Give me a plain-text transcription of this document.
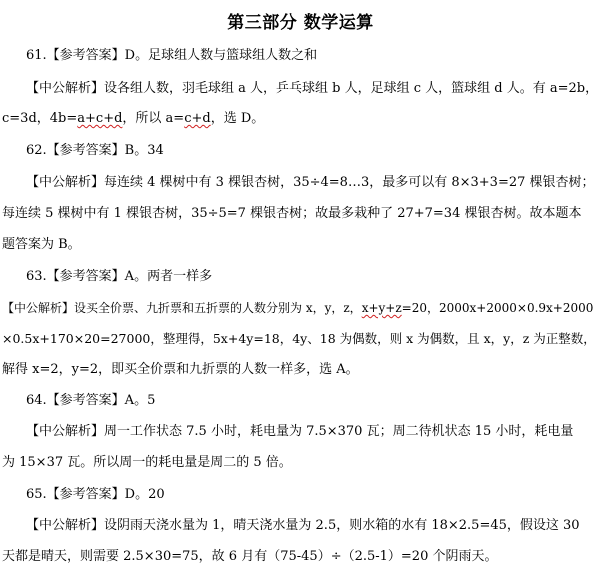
第三部分 数学运算
61.【参考答案】D。足球组人数与篮球组人数之和
【中公解析】设各组人数，羽毛球组 a 人，乒乓球组 b 人，足球组 c 人，篮球组 d 人。有 a=2b，
c=3d，4b=a+c+d，所以 a=c+d，选 D。
62.【参考答案】B。34
【中公解析】每连续 4 棵树中有 3 棵银杏树，35÷4=8…3，最多可以有 8×3+3=27 棵银杏树；
每连续 5 棵树中有 1 棵银杏树，35÷5=7 棵银杏树；故最多栽种了 27+7=34 棵银杏树。故本题本
题答案为 B。
63.【参考答案】A。两者一样多
【中公解析】设买全价票、九折票和五折票的人数分别为 x，y，z，x+y+z=20，2000x+2000×0.9x+2000
×0.5x+170×20=27000，整理得，5x+4y=18，4y、18 为偶数，则 x 为偶数，且 x，y，z 为正整数，
解得 x=2，y=2，即买全价票和九折票的人数一样多，选 A。
64.【参考答案】A。5
【中公解析】周一工作状态 7.5 小时，耗电量为 7.5×370 瓦；周二待机状态 15 小时，耗电量
为 15×37 瓦。所以周一的耗电量是周二的 5 倍。
65.【参考答案】D。20
【中公解析】设阴雨天浇水量为 1，晴天浇水量为 2.5，则水箱的水有 18×2.5=45，假设这 30
天都是晴天，则需要 2.5×30=75，故 6 月有（75-45）÷（2.5-1）=20 个阴雨天。
